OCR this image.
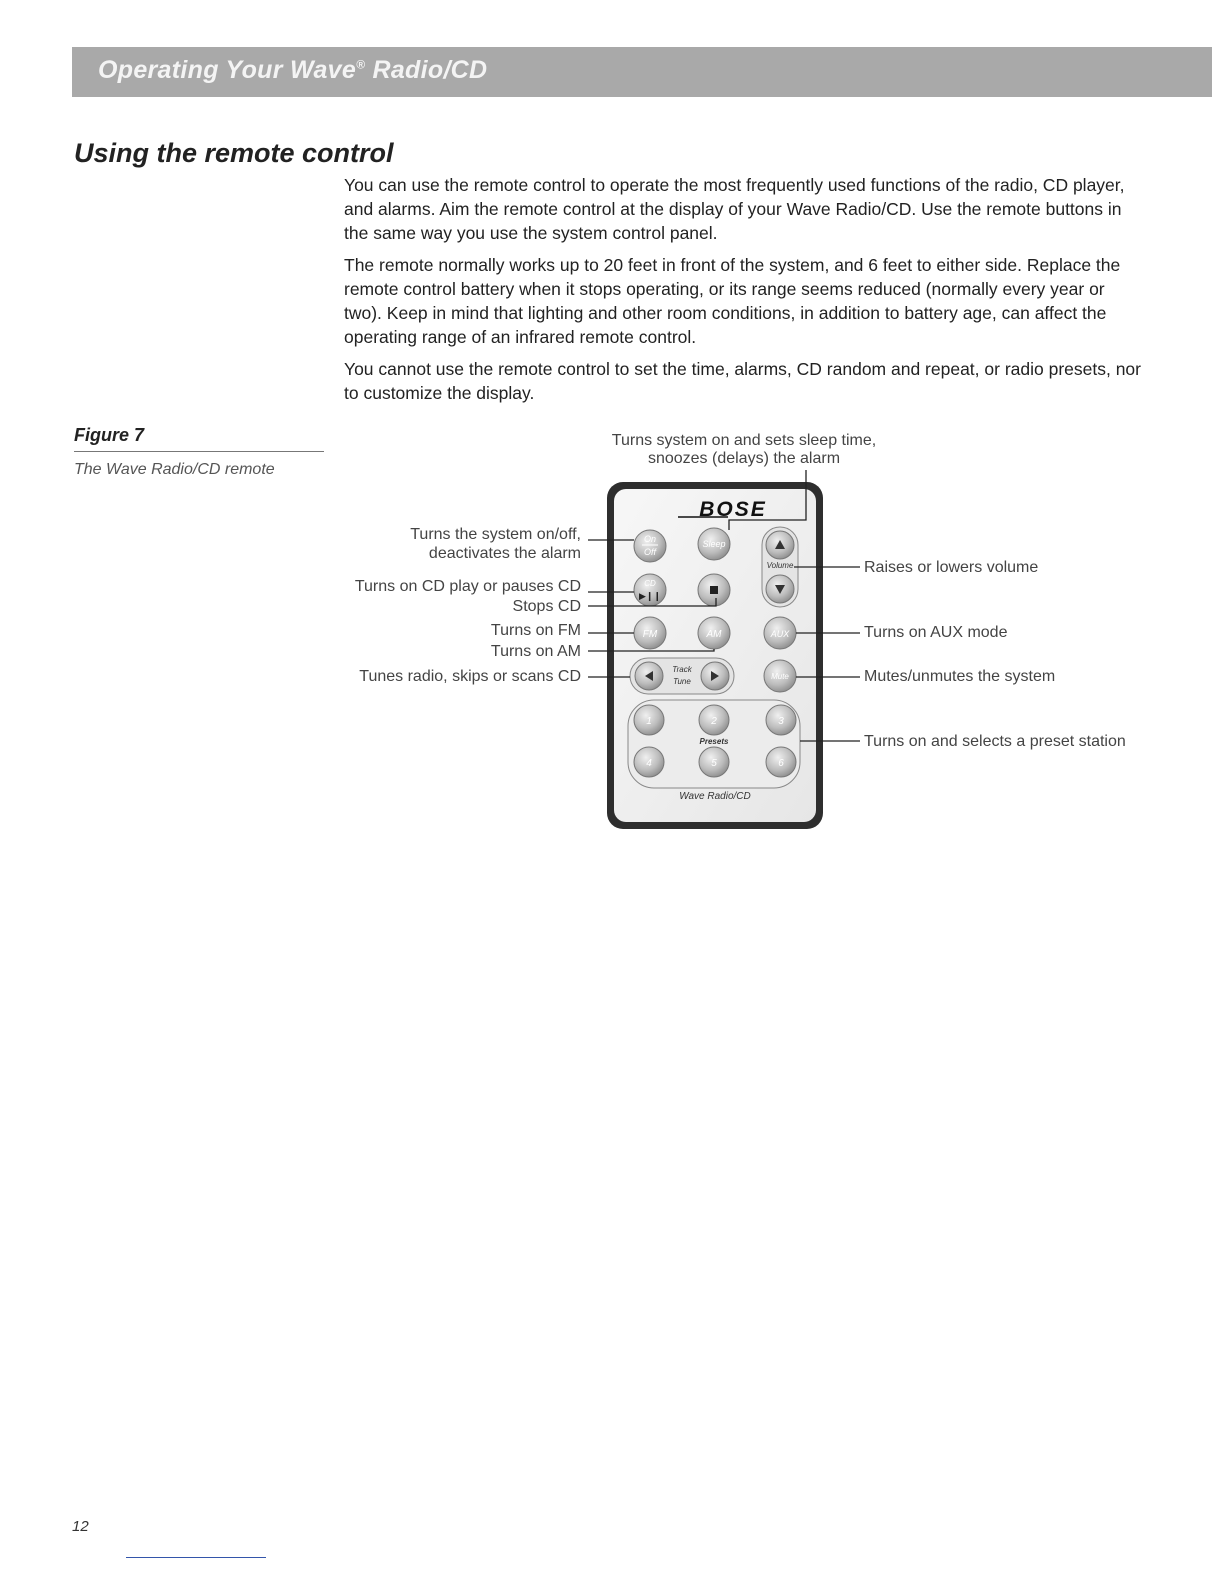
Operating Your Wave® Radio/CD
Using the remote control

You can use the remote control to operate the most frequently used functions of the radio, CD player, and alarms. Aim the remote control at the display of your Wave Radio/CD. Use the remote buttons in the same way you use the system control panel.

The remote normally works up to 20 feet in front of the system, and 6 feet to either side. Replace the remote control battery when it stops operating, or its range seems reduced (normally every year or two). Keep in mind that lighting and other room conditions, in addition to battery age, can affect the operating range of an infrared remote control.

You cannot use the remote control to set the time, alarms, CD random and repeat, or radio presets, nor to customize the display.

Figure 7
The Wave Radio/CD remote
BOSE
On
Off
Sleep
Volume
CD
▶❙❙
FM	AM	AUX
Track
Tune
Mute
1	2	3
Presets
4	5	6
Wave Radio/CD
Turns system on and sets sleep time,
snoozes (delays) the alarm
Turns the system on/off,
deactivates the alarm
Turns on CD play or pauses CD
Stops CD
Turns on FM
Turns on AM
Tunes radio, skips or scans CD
Raises or lowers volume
Turns on AUX mode
Mutes/unmutes the system
Turns on and selects a preset station
12
